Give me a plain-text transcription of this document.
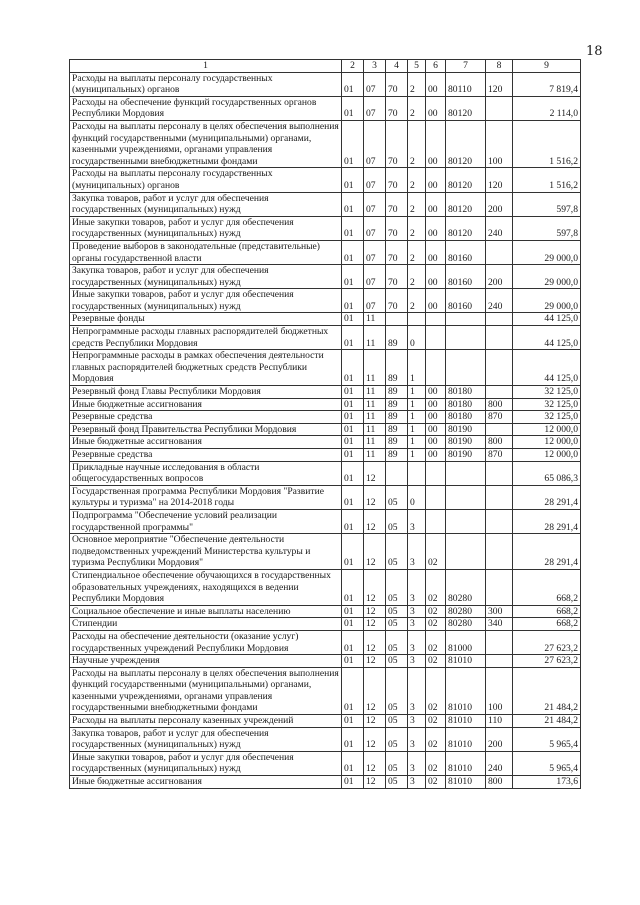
18
1	2	3	4	5	6	7	8	9
Расходы на выплаты персоналу государственных (муниципальных) органов	01	07	70	2	00	80110	120	7 819,4
Расходы на обеспечение функций государственных органов Республики Мордовия	01	07	70	2	00	80120		2 114,0
Расходы на выплаты персоналу в целях обеспечения выполнения функций государственными (муниципальными) органами, казенными учреждениями, органами управления государственными внебюджетными фондами	01	07	70	2	00	80120	100	1 516,2
Расходы на выплаты персоналу государственных (муниципальных) органов	01	07	70	2	00	80120	120	1 516,2
Закупка товаров, работ и услуг для обеспечения государственных (муниципальных) нужд	01	07	70	2	00	80120	200	597,8
Иные закупки товаров, работ и услуг для обеспечения государственных (муниципальных) нужд	01	07	70	2	00	80120	240	597,8
Проведение выборов в законодательные (представительные) органы государственной власти	01	07	70	2	00	80160		29 000,0
Закупка товаров, работ и услуг для обеспечения государственных (муниципальных) нужд	01	07	70	2	00	80160	200	29 000,0
Иные закупки товаров, работ и услуг для обеспечения государственных (муниципальных) нужд	01	07	70	2	00	80160	240	29 000,0
Резервные фонды	01	11						44 125,0
Непрограммные расходы главных распорядителей бюджетных средств Республики Мордовия	01	11	89	0				44 125,0
Непрограммные расходы в рамках обеспечения деятельности главных распорядителей бюджетных средств Республики Мордовия	01	11	89	1				44 125,0
Резервный фонд Главы Республики Мордовия	01	11	89	1	00	80180		32 125,0
Иные бюджетные ассигнования	01	11	89	1	00	80180	800	32 125,0
Резервные средства	01	11	89	1	00	80180	870	32 125,0
Резервный фонд Правительства Республики Мордовия	01	11	89	1	00	80190		12 000,0
Иные бюджетные ассигнования	01	11	89	1	00	80190	800	12 000,0
Резервные средства	01	11	89	1	00	80190	870	12 000,0
Прикладные научные исследования в области общегосударственных вопросов	01	12						65 086,3
Государственная программа Республики Мордовия "Развитие культуры и туризма" на 2014-2018 годы	01	12	05	0				28 291,4
Подпрограмма "Обеспечение условий реализации государственной программы"	01	12	05	3				28 291,4
Основное мероприятие "Обеспечение деятельности подведомственных учреждений Министерства культуры и туризма Республики Мордовия"	01	12	05	3	02			28 291,4
Стипендиальное обеспечение обучающихся в государственных образовательных учреждениях, находящихся в ведении Республики Мордовия	01	12	05	3	02	80280		668,2
Социальное обеспечение и иные выплаты населению	01	12	05	3	02	80280	300	668,2
Стипендии	01	12	05	3	02	80280	340	668,2
Расходы на обеспечение деятельности (оказание услуг) государственных учреждений Республики Мордовия	01	12	05	3	02	81000		27 623,2
Научные учреждения	01	12	05	3	02	81010		27 623,2
Расходы на выплаты персоналу в целях обеспечения выполнения функций государственными (муниципальными) органами, казенными учреждениями, органами управления государственными внебюджетными фондами	01	12	05	3	02	81010	100	21 484,2
Расходы на выплаты персоналу казенных учреждений	01	12	05	3	02	81010	110	21 484,2
Закупка товаров, работ и услуг для обеспечения государственных (муниципальных) нужд	01	12	05	3	02	81010	200	5 965,4
Иные закупки товаров, работ и услуг для обеспечения государственных (муниципальных) нужд	01	12	05	3	02	81010	240	5 965,4
Иные бюджетные ассигнования	01	12	05	3	02	81010	800	173,6
